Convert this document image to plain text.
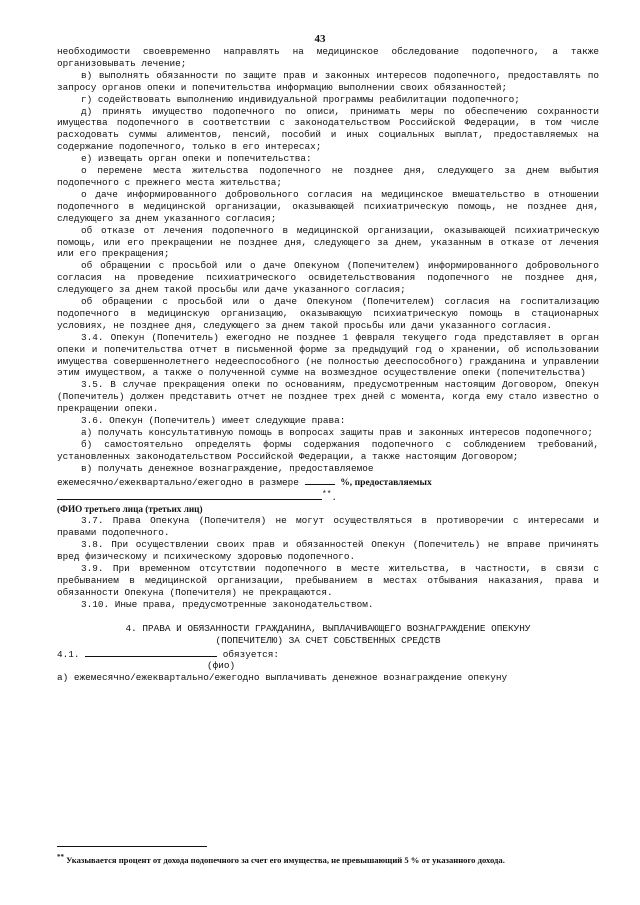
43

необходимости своевременно направлять на медицинское обследование подопечного, а также организовывать лечение;

в) выполнять обязанности по защите прав и законных интересов подопечного, предоставлять по запросу органов опеки и попечительства информацию выполнении своих обязанностей;

г) содействовать выполнению индивидуальной программы реабилитации подопечного;

д) принять имущество подопечного по описи, принимать меры по обеспечению сохранности имущества подопечного в соответствии с законодательством Российской Федерации, в том числе расходовать суммы алиментов, пенсий, пособий и иных социальных выплат, предоставляемых на содержание подопечного, только в его интересах;

е) извещать орган опеки и попечительства:

о перемене места жительства подопечного не позднее дня, следующего за днем выбытия подопечного с прежнего места жительства;

о даче информированного добровольного согласия на медицинское вмешательство в отношении подопечного в медицинской организации, оказывающей психиатрическую помощь, не позднее дня, следующего за днем указанного согласия;

об отказе от лечения подопечного в медицинской организации, оказывающей психиатрическую помощь, или его прекращении не позднее дня, следующего за днем, указанным в отказе от лечения или его прекращения;

об обращении с просьбой или о даче Опекуном (Попечителем) информированного добровольного согласия на проведение психиатрического освидетельствования подопечного не позднее дня, следующего за днем такой просьбы или даче указанного согласия;

об обращении с просьбой или о даче Опекуном (Попечителем) согласия на госпитализацию подопечного в медицинскую организацию, оказывающую психиатрическую помощь в стационарных условиях, не позднее дня, следующего за днем такой просьбы или дачи указанного согласия.

3.4. Опекун (Попечитель) ежегодно не позднее 1 февраля текущего года представляет в орган опеки и попечительства отчет в письменной форме за предыдущий год о хранении, об использовании имущества совершеннолетнего недееспособного (не полностью дееспособного) гражданина и управлении этим имуществом, а также о полученной сумме на возмездное осуществление опеки (попечительства)

3.5. В случае прекращения опеки по основаниям, предусмотренным настоящим Договором, Опекун (Попечитель) должен представить отчет не позднее трех дней с момента, когда ему стало известно о прекращении опеки.

3.6. Опекун (Попечитель) имеет следующие права:

а) получать консультативную помощь в вопросах защиты прав и законных интересов подопечного;

б) самостоятельно определять формы содержания подопечного с соблюдением требований, установленных законодательством Российской Федерации, а также настоящим Договором;

в) получать денежное вознаграждение, предоставляемое

ежемесячно/ежеквартально/ежегодно в размере	%, предоставляемых

**.

(ФИО третьего лица (третьих лиц)

3.7. Права Опекуна (Попечителя) не могут осуществляться в противоречии с интересами и правами подопечного.

3.8. При осуществлении своих прав и обязанностей Опекун (Попечитель) не вправе причинять вред физическому и психическому здоровью подопечного.

3.9. При временном отсутствии подопечного в месте жительства, в частности, в связи с пребыванием в медицинской организации, пребыванием в местах отбывания наказания, права и обязанности Опекуна (Попечителя) не прекращаются.

3.10. Иные права, предусмотренные законодательством.

4. ПРАВА И ОБЯЗАННОСТИ ГРАЖДАНИНА, ВЫПЛАЧИВАЮЩЕГО ВОЗНАГРАЖДЕНИЕ ОПЕКУНУ
(ПОПЕЧИТЕЛЮ) ЗА СЧЕТ СОБСТВЕННЫХ СРЕДСТВ

4.1.	обязуется:

(фио)

а) ежемесячно/ежеквартально/ежегодно выплачивать денежное вознаграждение опекуну

** Указывается процент от дохода подопечного за счет его имущества, не превышающий 5 % от указанного дохода.
